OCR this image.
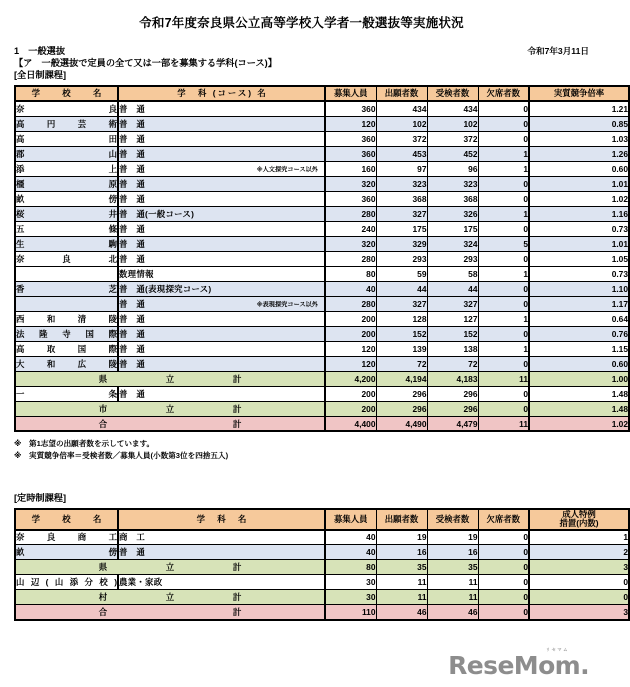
令和7年度奈良県公立高等学校入学者一般選抜等実施状況
1　一般選抜
【ア　一般選抜で定員の全て又は一部を募集する学科(コース)】
[全日制課程]
令和7年3月11日
学　校　名	学　科 (コース) 名	募集人員	出願者数	受検者数	欠席者数	実質競争倍率
奈良	普　通	360	434	434	0	1.21
高円芸術	普　通	120	102	102	0	0.85
高田	普　通	360	372	372	0	1.03
郡山	普　通	360	453	452	1	1.26
添上	普　通 ※人文探究コース以外	160	97	96	1	0.60
橿原	普　通	320	323	323	0	1.01
畝傍	普　通	360	368	368	0	1.02
桜井	普　通(一般コース)	280	327	326	1	1.16
五條	普　通	240	175	175	0	0.73
生駒	普　通	320	329	324	5	1.01
奈良北	普　通	280	293	293	0	1.05
	数理情報	80	59	58	1	0.73
香芝	普　通(表現探究コース)	40	44	44	0	1.10
	普　通 ※表現探究コース以外	280	327	327	0	1.17
西和清陵	普　通	200	128	127	1	0.64
法隆寺国際	普　通	200	152	152	0	0.76
高取国際	普　通	120	139	138	1	1.15
大和広陵	普　通	120	72	72	0	0.60
県　　立　　計		4,200	4,194	4,183	11	1.00
一条	普　通	200	296	296	0	1.48
市　　立　　計		200	296	296	0	1.48
合　　　　　計		4,400	4,490	4,479	11	1.02
※　第1志望の出願者数を示しています。
※　実質競争倍率＝受検者数／募集人員(小数第3位を四捨五入)
[定時制課程]
学　校　名	学　科　名	募集人員	出願者数	受検者数	欠席者数	成人特例
措置(内数)
奈良商工	商　工	40	19	19	0	1
畝傍	普　通	40	16	16	0	2
県　　立　　計		80	35	35	0	3
山辺(山添分校)	農業・家政	30	11	11	0	0
村　　立　　計		30	11	11	0	0
合　　　　　計		110	46	46	0	3
リセマム
ReseMom.
